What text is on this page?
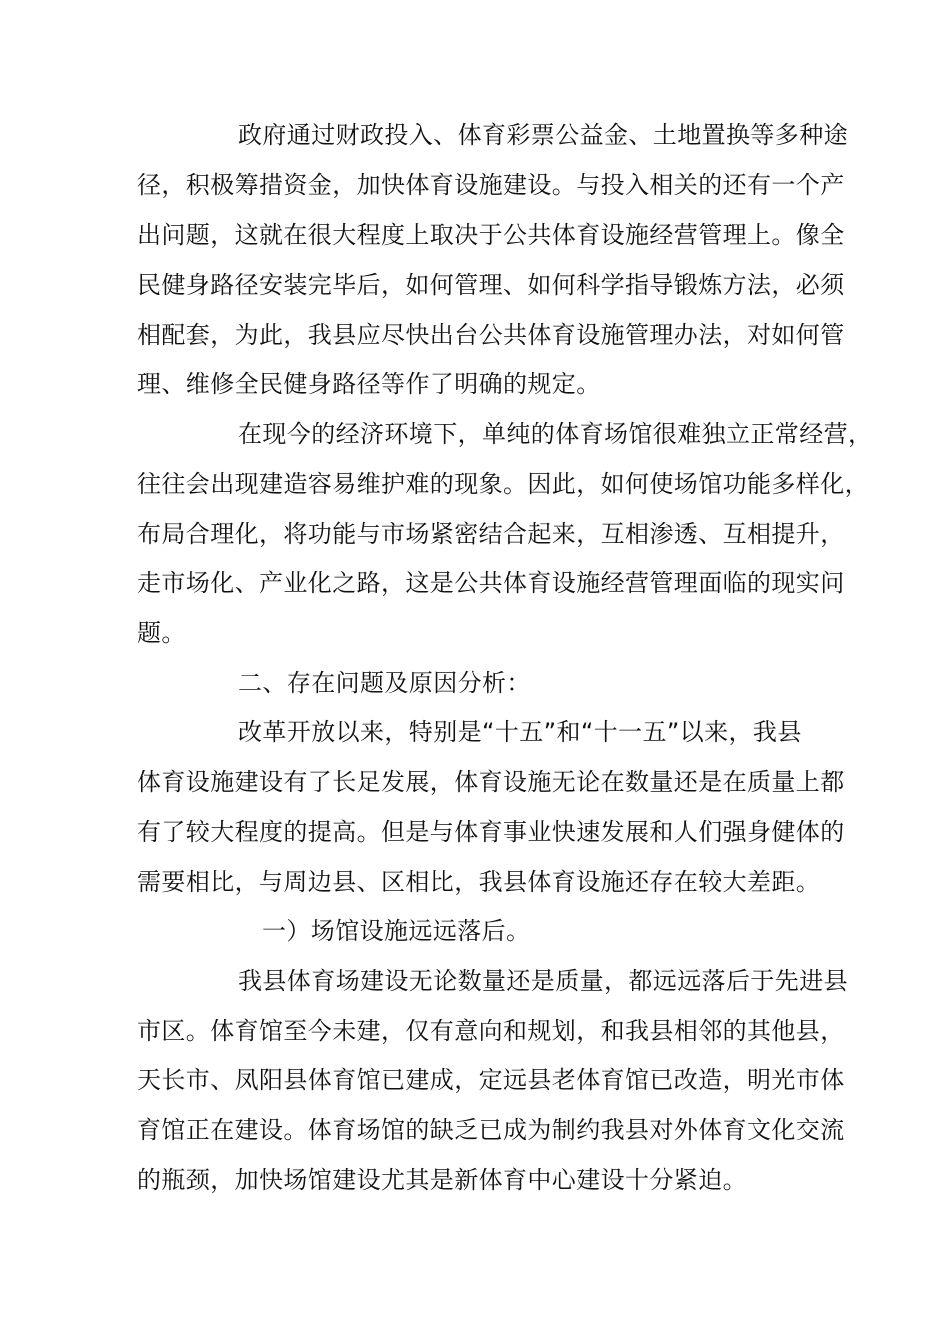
政府通过财政投入、体育彩票公益金、土地置换等多种途
径，积极筹措资金，加快体育设施建设。与投入相关的还有一个产
出问题，这就在很大程度上取决于公共体育设施经营管理上。像全
民健身路径安装完毕后，如何管理、如何科学指导锻炼方法，必须
相配套，为此，我县应尽快出台公共体育设施管理办法，对如何管
理、维修全民健身路径等作了明确的规定。
在现今的经济环境下，单纯的体育场馆很难独立正常经营，
往往会出现建造容易维护难的现象。因此，如何使场馆功能多样化，
布局合理化，将功能与市场紧密结合起来，互相渗透、互相提升，
走市场化、产业化之路，这是公共体育设施经营管理面临的现实问
题。
二、存在问题及原因分析：
改革开放以来，特别是“十五”和“十一五”以来，我县
体育设施建设有了长足发展，体育设施无论在数量还是在质量上都
有了较大程度的提高。但是与体育事业快速发展和人们强身健体的
需要相比，与周边县、区相比，我县体育设施还存在较大差距。
一）场馆设施远远落后。
我县体育场建设无论数量还是质量，都远远落后于先进县
市区。体育馆至今未建，仅有意向和规划，和我县相邻的其他县，
天长市、凤阳县体育馆已建成，定远县老体育馆已改造，明光市体
育馆正在建设。体育场馆的缺乏已成为制约我县对外体育文化交流
的瓶颈，加快场馆建设尤其是新体育中心建设十分紧迫。
